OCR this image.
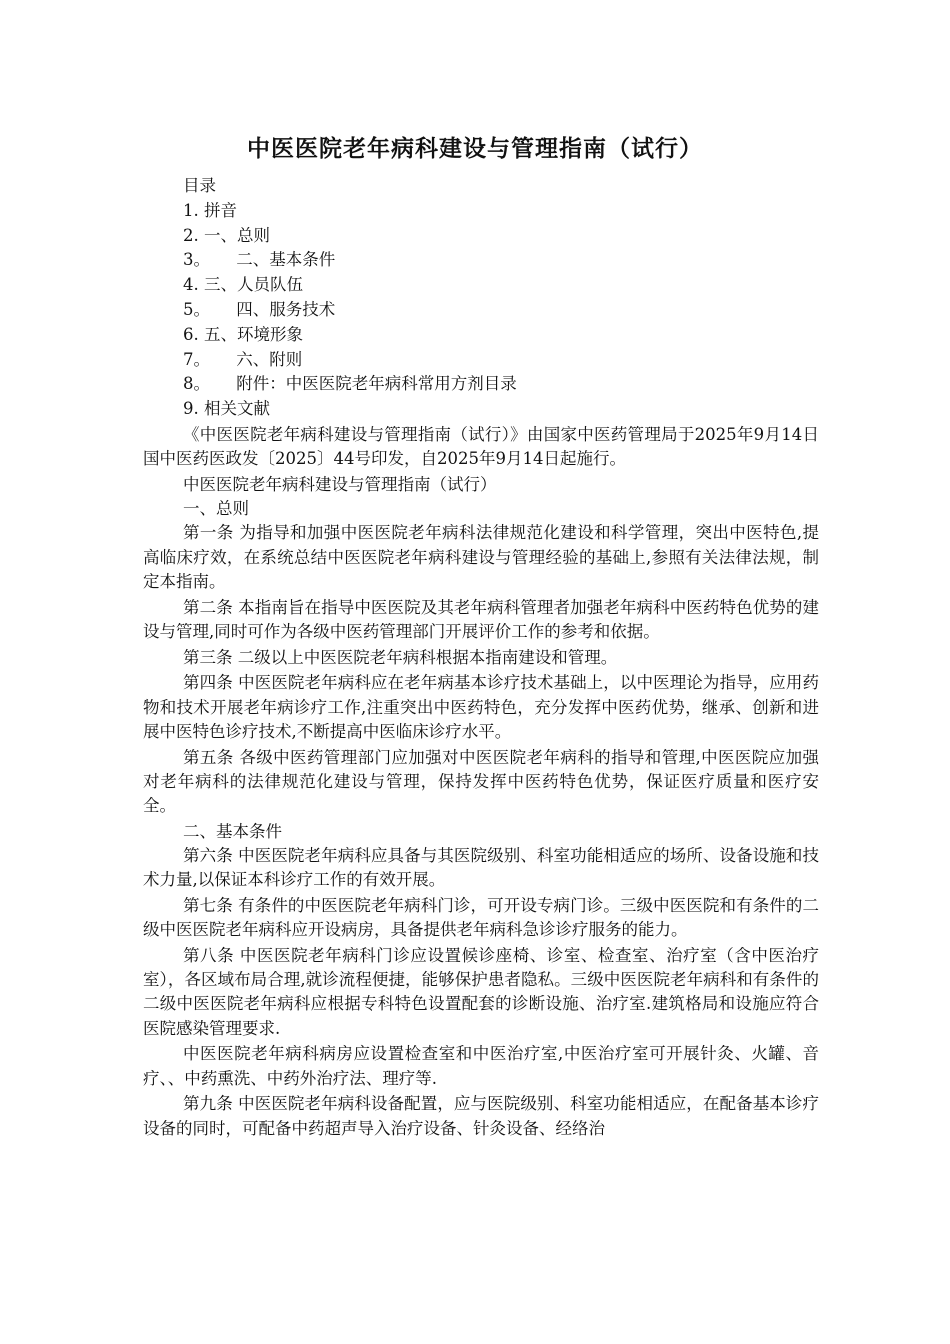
中医医院老年病科建设与管理指南（试行）
目录
1. 拼音
2. 一、总则
3。     二、基本条件
4. 三、人员队伍
5。     四、服务技术
6. 五、环境形象
7。     六、附则
8。     附件：中医医院老年病科常用方剂目录
9. 相关文献

《中医医院老年病科建设与管理指南（试行）》由国家中医药管理局于2025年9月14日国中医药医政发〔2025〕44号印发，自2025年9月14日起施行。

中医医院老年病科建设与管理指南（试行）

一、总则

第一条 为指导和加强中医医院老年病科法律规范化建设和科学管理，突出中医特色,提高临床疗效，在系统总结中医医院老年病科建设与管理经验的基础上,参照有关法律法规，制定本指南。

第二条 本指南旨在指导中医医院及其老年病科管理者加强老年病科中医药特色优势的建设与管理,同时可作为各级中医药管理部门开展评价工作的参考和依据。

第三条 二级以上中医医院老年病科根据本指南建设和管理。

第四条 中医医院老年病科应在老年病基本诊疗技术基础上，以中医理论为指导，应用药物和技术开展老年病诊疗工作,注重突出中医药特色，充分发挥中医药优势，继承、创新和进展中医特色诊疗技术,不断提高中医临床诊疗水平。

第五条 各级中医药管理部门应加强对中医医院老年病科的指导和管理,中医医院应加强对老年病科的法律规范化建设与管理，保持发挥中医药特色优势，保证医疗质量和医疗安全。

二、基本条件

第六条 中医医院老年病科应具备与其医院级别、科室功能相适应的场所、设备设施和技术力量,以保证本科诊疗工作的有效开展。

第七条 有条件的中医医院老年病科门诊，可开设专病门诊。三级中医医院和有条件的二级中医医院老年病科应开设病房，具备提供老年病科急诊诊疗服务的能力。

第八条 中医医院老年病科门诊应设置候诊座椅、诊室、检查室、治疗室（含中医治疗室），各区域布局合理,就诊流程便捷，能够保护患者隐私。三级中医医院老年病科和有条件的二级中医医院老年病科应根据专科特色设置配套的诊断设施、治疗室.建筑格局和设施应符合医院感染管理要求.

中医医院老年病科病房应设置检查室和中医治疗室,中医治疗室可开展针灸、火罐、音疗、、中药熏洗、中药外治疗法、理疗等.

第九条 中医医院老年病科设备配置，应与医院级别、科室功能相适应，在配备基本诊疗设备的同时，可配备中药超声导入治疗设备、针灸设备、经络治
